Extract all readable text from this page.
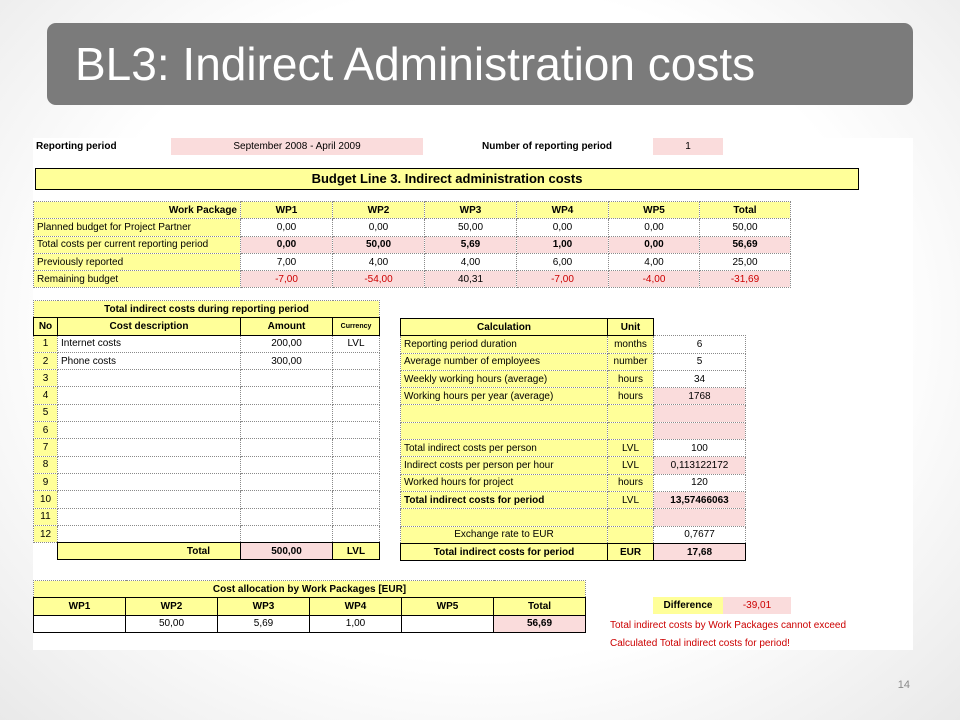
BL3: Indirect Administration costs
Reporting period	September 2008 - April 2009	Number of reporting period	1
Budget Line 3. Indirect administration costs
Work Package	WP1	WP2	WP3	WP4	WP5	Total
Planned budget for Project Partner	0,00	0,00	50,00	0,00	0,00	50,00
Total costs per current reporting period	0,00	50,00	5,69	1,00	0,00	56,69
Previously reported	7,00	4,00	4,00	6,00	4,00	25,00
Remaining budget	-7,00	-54,00	40,31	-7,00	-4,00	-31,69
Total indirect costs during reporting period			
No	Cost description	Amount	Currency
1	Internet costs	200,00	LVL
2	Phone costs	300,00	
3			
4			
5			
6			
7			
8			
9			
10			
11			
12			
	Total	500,00	LVL
Calculation	Unit	
Reporting period duration	months	6
Average number of employees	number	5
Weekly working hours (average)	hours	34
Working hours per year (average)	hours	1768

Total indirect costs per person	LVL	100
Indirect costs per person per hour	LVL	0,113122172
Worked hours for project	hours	120
Total indirect costs for period	LVL	13,57466063

Exchange rate to EUR		0,7677
Total indirect costs for period	EUR	17,68
Cost allocation by Work Packages [EUR]					
WP1	WP2	WP3	WP4	WP5	Total
	50,00	5,69	1,00		56,69
Difference	-39,01
Total indirect costs by Work Packages cannot exceed
Calculated Total indirect costs for period!
14
